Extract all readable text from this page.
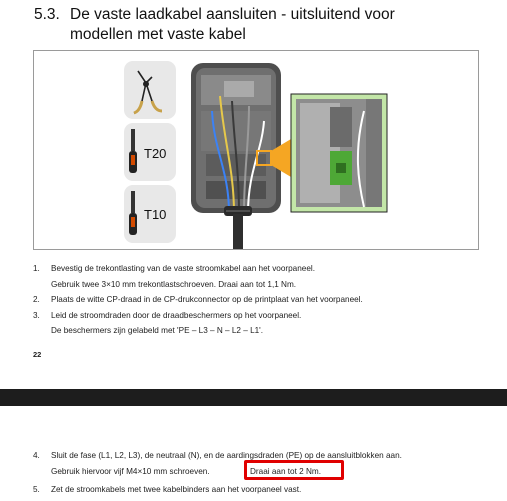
5.3. De vaste laadkabel aansluiten - uitsluitend voor
modellen met vaste kabel
T20
T10
1. Bevestig de trekontlasting van de vaste stroomkabel aan het voorpaneel.
Gebruik twee 3×10 mm trekontlastschroeven. Draai aan tot 1,1 Nm.
2. Plaats de witte CP-draad in de CP-drukconnector op de printplaat van het voorpaneel.
3. Leid de stroomdraden door de draadbeschermers op het voorpaneel.
De beschermers zijn gelabeld met 'PE – L3 – N – L2 – L1'.
22
4. Sluit de fase (L1, L2, L3), de neutraal (N), en de aardingsdraden (PE) op de aansluitblokken aan.
Gebruik hiervoor vijf M4×10 mm schroeven.	Draai aan tot 2 Nm.
5. Zet de stroomkabels met twee kabelbinders aan het voorpaneel vast.
